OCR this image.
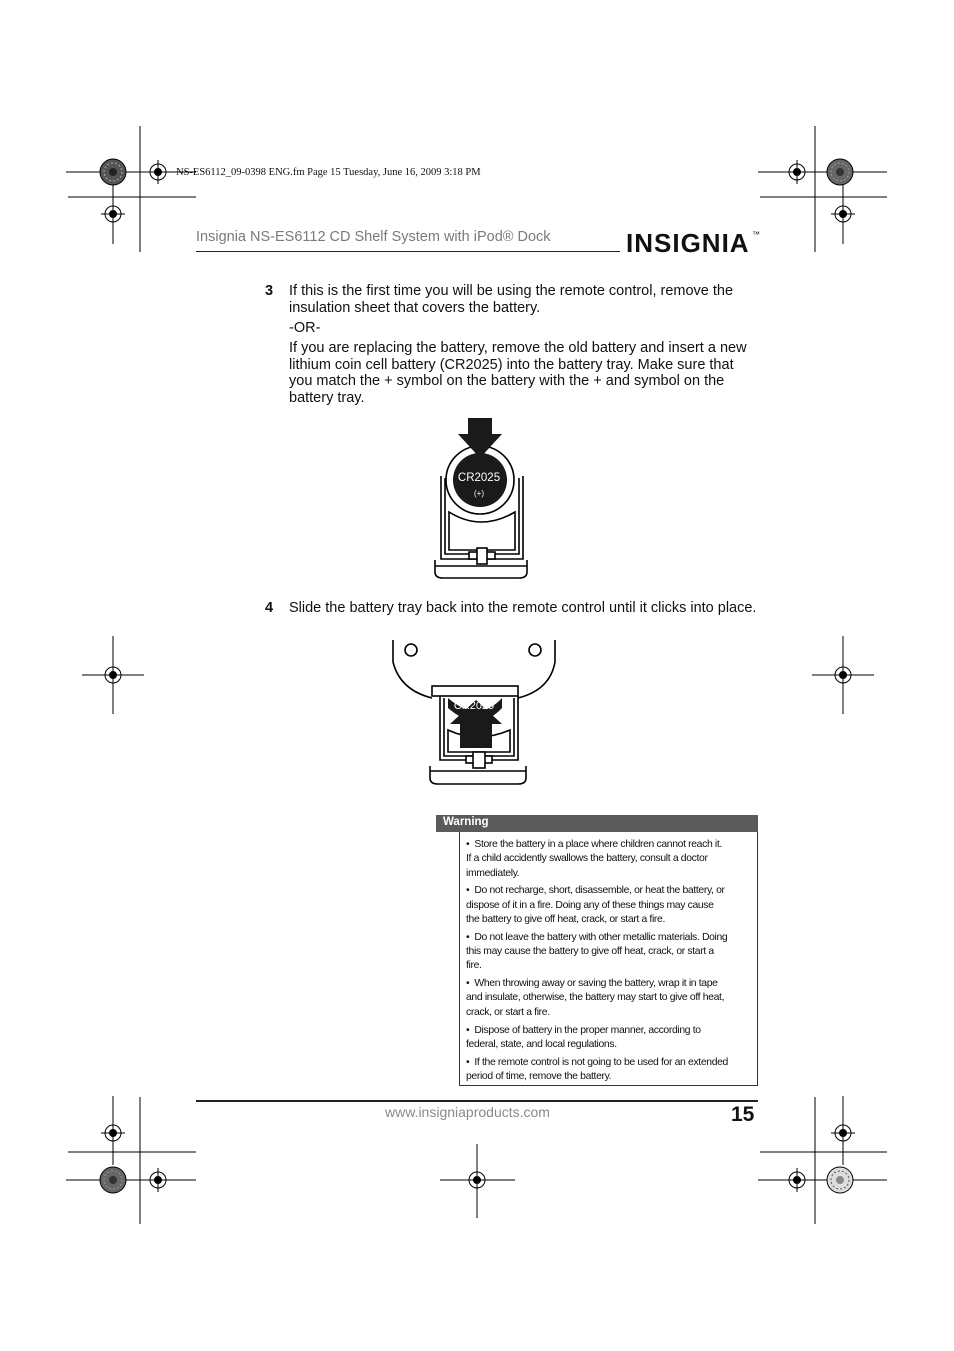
NS-ES6112_09-0398 ENG.fm Page 15 Tuesday, June 16, 2009 3:18 PM
Insignia NS-ES6112 CD Shelf System with iPod® Dock	INSIGNIA ™
3 If this is the first time you will be using the remote control, remove the insulation sheet that covers the battery.
-OR-
If you are replacing the battery, remove the old battery and insert a new lithium coin cell battery (CR2025) into the battery tray. Make sure that you match the + symbol on the battery with the + and symbol on the battery tray.
CR2025
(+)
4 Slide the battery tray back into the remote control until it clicks into place.
CR2025
Warning
•  Store the battery in a place where children cannot reach it. If a child accidently swallows the battery, consult a doctor immediately.
•  Do not recharge, short, disassemble, or heat the battery, or dispose of it in a fire. Doing any of these things may cause the battery to give off heat, crack, or start a fire.
•  Do not leave the battery with other metallic materials. Doing this may cause the battery to give off heat, crack, or start a fire.
•  When throwing away or saving the battery, wrap it in tape and insulate, otherwise, the battery may start to give off heat, crack, or start a fire.
•  Dispose of battery in the proper manner, according to federal, state, and local regulations.
•  If the remote control is not going to be used for an extended period of time, remove the battery.
www.insigniaproducts.com	15
